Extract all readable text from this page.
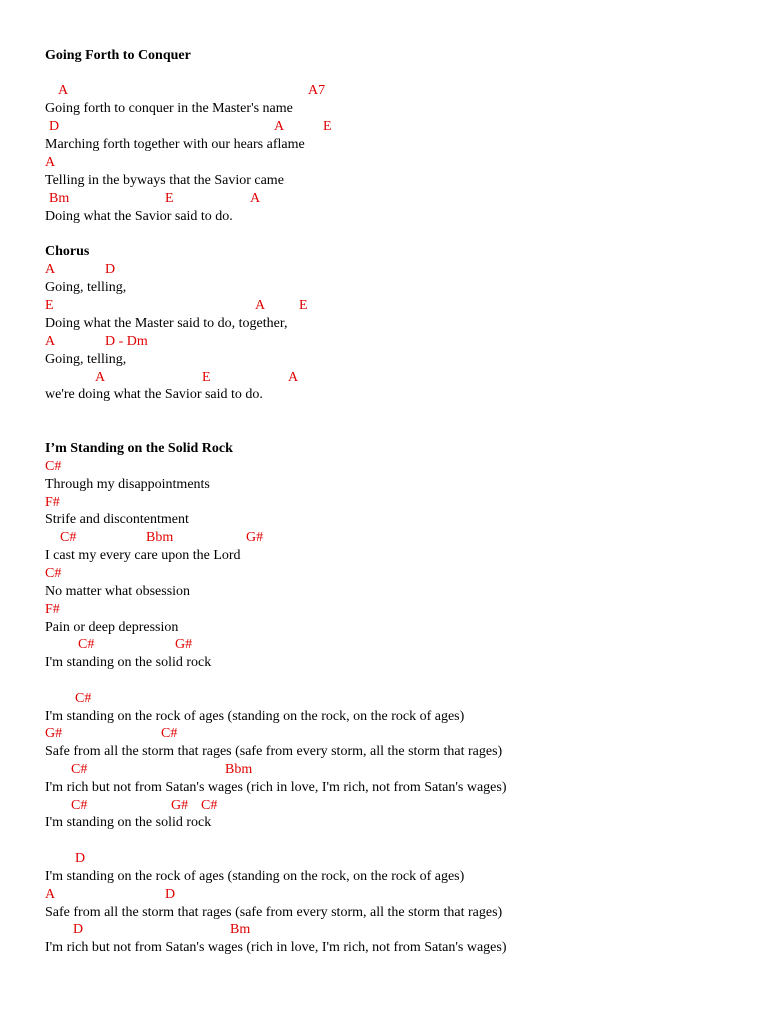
Going Forth to Conquer
A	A7
Going forth to conquer in the Master's name
D	A	E
Marching forth together with our hears aflame
A
Telling in the byways that the Savior came
Bm	E	A
Doing what the Savior said to do.
Chorus
A	D
Going, telling,
E	A E
Doing what the Master said to do, together,
A	D - Dm
Going, telling,
A	E	A
we're doing what the Savior said to do.
I’m Standing on the Solid Rock
C#
Through my disappointments
F#
Strife and discontentment
C#	Bbm	G#
I cast my every care upon the Lord
C#
No matter what obsession
F#
Pain or deep depression
C#	G#
I'm standing on the solid rock
C#
I'm standing on the rock of ages (standing on the rock, on the rock of ages)
G#	C#
Safe from all the storm that rages (safe from every storm, all the storm that rages)
C#	Bbm
I'm rich but not from Satan's wages (rich in love, I'm rich, not from Satan's wages)
C#	G# C#
I'm standing on the solid rock
D
I'm standing on the rock of ages (standing on the rock, on the rock of ages)
A	D
Safe from all the storm that rages (safe from every storm, all the storm that rages)
D	Bm
I'm rich but not from Satan's wages (rich in love, I'm rich, not from Satan's wages)
